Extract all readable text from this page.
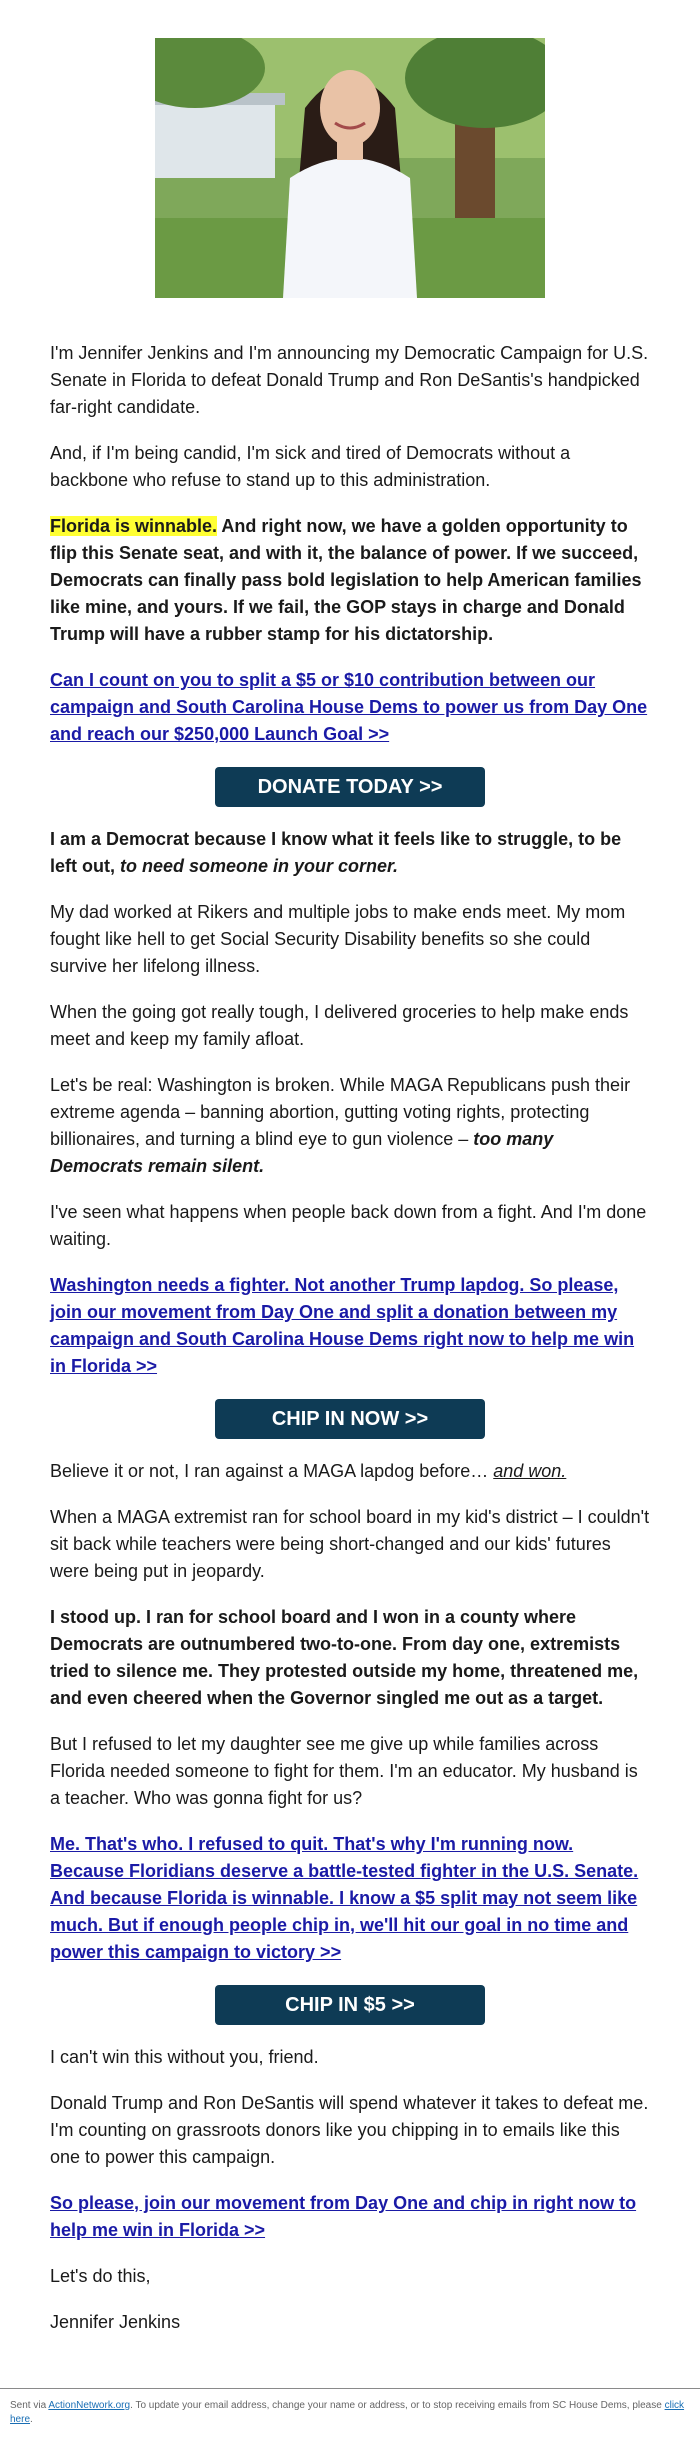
I'm Jennifer Jenkins and I'm announcing my Democratic Campaign for U.S. Senate in Florida to defeat Donald Trump and Ron DeSantis's handpicked far-right candidate.

And, if I'm being candid, I'm sick and tired of Democrats without a backbone who refuse to stand up to this administration.

Florida is winnable. And right now, we have a golden opportunity to flip this Senate seat, and with it, the balance of power. If we succeed, Democrats can finally pass bold legislation to help American families like mine, and yours. If we fail, the GOP stays in charge and Donald Trump will have a rubber stamp for his dictatorship.

Can I count on you to split a $5 or $10 contribution between our campaign and South Carolina House Dems to power us from Day One and reach our $250,000 Launch Goal >>
DONATE TODAY >>

I am a Democrat because I know what it feels like to struggle, to be left out, to need someone in your corner.

My dad worked at Rikers and multiple jobs to make ends meet. My mom fought like hell to get Social Security Disability benefits so she could survive her lifelong illness.

When the going got really tough, I delivered groceries to help make ends meet and keep my family afloat.

Let's be real: Washington is broken. While MAGA Republicans push their extreme agenda – banning abortion, gutting voting rights, protecting billionaires, and turning a blind eye to gun violence – too many Democrats remain silent.

I've seen what happens when people back down from a fight. And I'm done waiting.

Washington needs a fighter. Not another Trump lapdog. So please, join our movement from Day One and split a donation between my campaign and South Carolina House Dems right now to help me win in Florida >>
CHIP IN NOW >>

Believe it or not, I ran against a MAGA lapdog before… and won.

When a MAGA extremist ran for school board in my kid's district – I couldn't sit back while teachers were being short-changed and our kids' futures were being put in jeopardy.

I stood up. I ran for school board and I won in a county where Democrats are outnumbered two-to-one. From day one, extremists tried to silence me. They protested outside my home, threatened me, and even cheered when the Governor singled me out as a target.

But I refused to let my daughter see me give up while families across Florida needed someone to fight for them. I'm an educator. My husband is a teacher. Who was gonna fight for us?

Me. That's who. I refused to quit. That's why I'm running now. Because Floridians deserve a battle-tested fighter in the U.S. Senate. And because Florida is winnable. I know a $5 split may not seem like much. But if enough people chip in, we'll hit our goal in no time and power this campaign to victory >>
CHIP IN $5 >>

I can't win this without you, friend.

Donald Trump and Ron DeSantis will spend whatever it takes to defeat me. I'm counting on grassroots donors like you chipping in to emails like this one to power this campaign.

So please, join our movement from Day One and chip in right now to help me win in Florida >>

Let's do this,

Jennifer Jenkins

Sent via ActionNetwork.org. To update your email address, change your name or address, or to stop receiving emails from SC House Dems, please click here.
